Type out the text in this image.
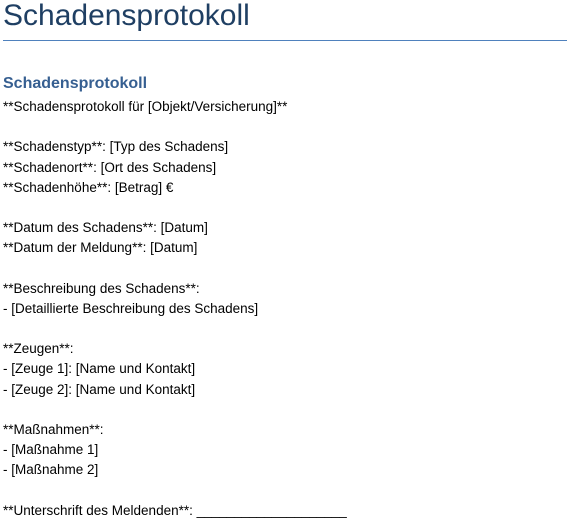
Schadensprotokoll
Schadensprotokoll
**Schadensprotokoll für [Objekt/Versicherung]**
**Schadenstyp**: [Typ des Schadens]
**Schadenort**: [Ort des Schadens]
**Schadenhöhe**: [Betrag] €
**Datum des Schadens**: [Datum]
**Datum der Meldung**: [Datum]
**Beschreibung des Schadens**:
- [Detaillierte Beschreibung des Schadens]
**Zeugen**:
- [Zeuge 1]: [Name und Kontakt]
- [Zeuge 2]: [Name und Kontakt]
**Maßnahmen**:
- [Maßnahme 1]
- [Maßnahme 2]
**Unterschrift des Meldenden**: ____________________
